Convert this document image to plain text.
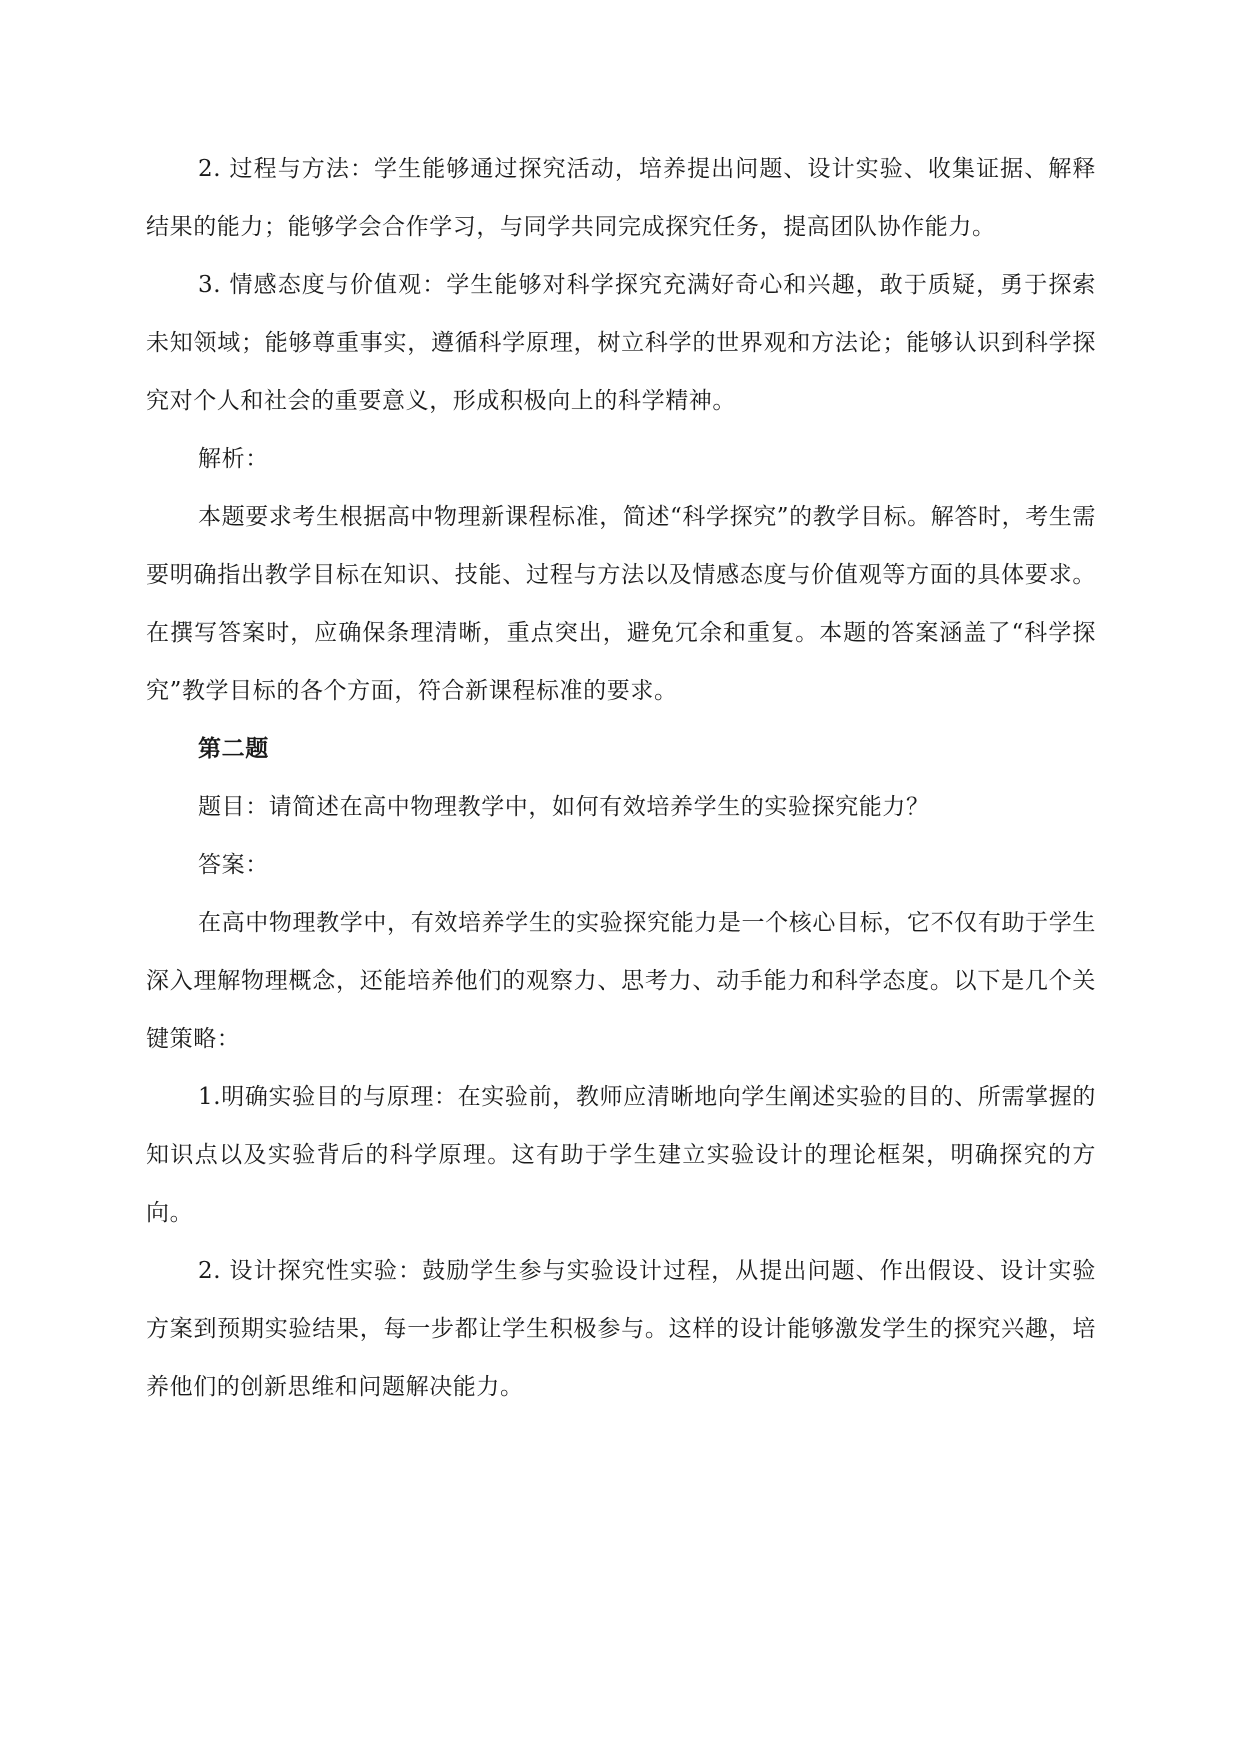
2. 过程与方法：学生能够通过探究活动，培养提出问题、设计实验、收集证据、解释结果的能力；能够学会合作学习，与同学共同完成探究任务，提高团队协作能力。

3. 情感态度与价值观：学生能够对科学探究充满好奇心和兴趣，敢于质疑，勇于探索未知领域；能够尊重事实，遵循科学原理，树立科学的世界观和方法论；能够认识到科学探究对个人和社会的重要意义，形成积极向上的科学精神。

解析：

本题要求考生根据高中物理新课程标准，简述“科学探究”的教学目标。解答时，考生需要明确指出教学目标在知识、技能、过程与方法以及情感态度与价值观等方面的具体要求。在撰写答案时，应确保条理清晰，重点突出，避免冗余和重复。本题的答案涵盖了“科学探究”教学目标的各个方面，符合新课程标准的要求。

第二题

题目：请简述在高中物理教学中，如何有效培养学生的实验探究能力？

答案：

在高中物理教学中，有效培养学生的实验探究能力是一个核心目标，它不仅有助于学生深入理解物理概念，还能培养他们的观察力、思考力、动手能力和科学态度。以下是几个关键策略：

1.明确实验目的与原理：在实验前，教师应清晰地向学生阐述实验的目的、所需掌握的知识点以及实验背后的科学原理。这有助于学生建立实验设计的理论框架，明确探究的方向。

2. 设计探究性实验：鼓励学生参与实验设计过程，从提出问题、作出假设、设计实验方案到预期实验结果，每一步都让学生积极参与。这样的设计能够激发学生的探究兴趣，培养他们的创新思维和问题解决能力。
